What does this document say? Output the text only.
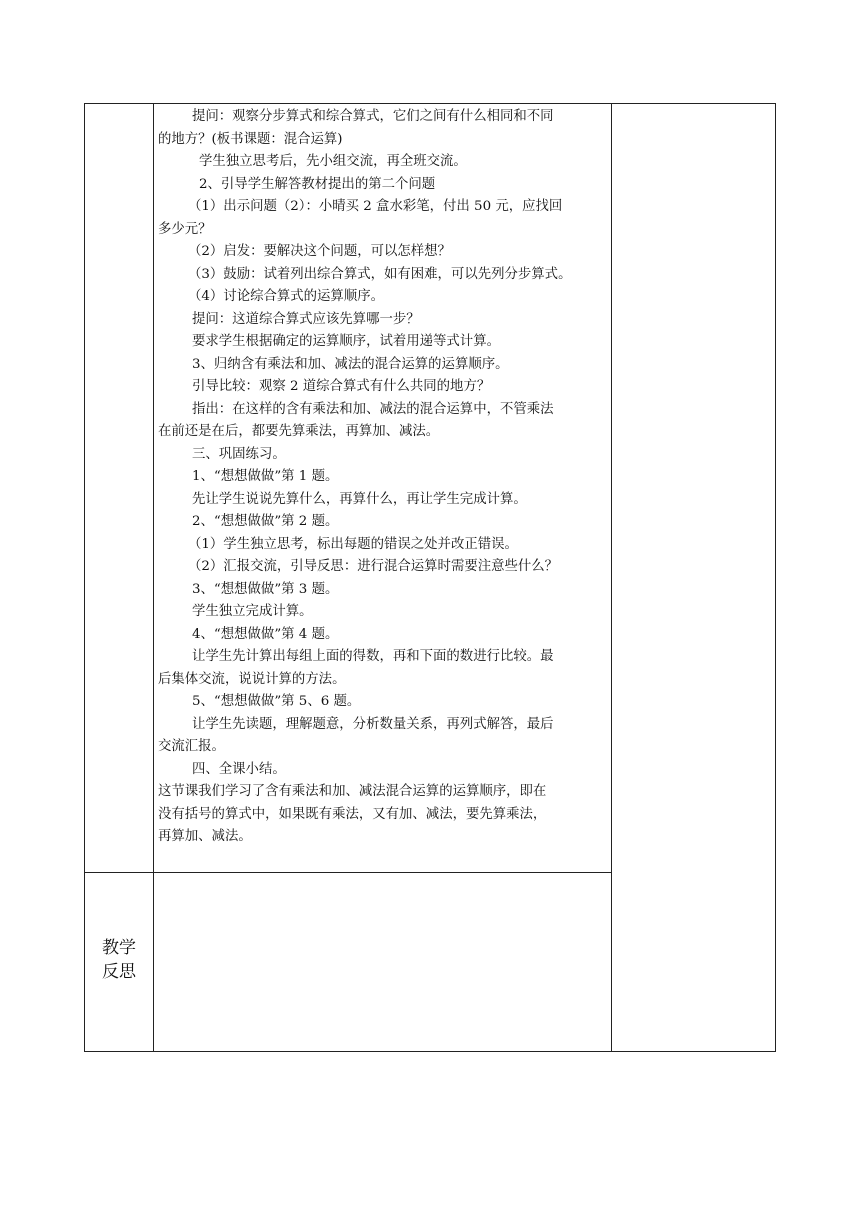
提问：观察分步算式和综合算式，它们之间有什么相同和不同

的地方？(板书课题：混合运算)

学生独立思考后，先小组交流，再全班交流。

2、引导学生解答教材提出的第二个问题

（1）出示问题（2）：小晴买 2 盒水彩笔，付出 50 元，应找回

多少元？

（2）启发：要解决这个问题，可以怎样想？

（3）鼓励：试着列出综合算式，如有困难，可以先列分步算式。

（4）讨论综合算式的运算顺序。

提问：这道综合算式应该先算哪一步？

要求学生根据确定的运算顺序，试着用递等式计算。

3、归纳含有乘法和加、减法的混合运算的运算顺序。

引导比较：观察 2 道综合算式有什么共同的地方？

指出：在这样的含有乘法和加、减法的混合运算中，不管乘法

在前还是在后，都要先算乘法，再算加、减法。

三、巩固练习。

1、“想想做做”第 1 题。

先让学生说说先算什么，再算什么，再让学生完成计算。

2、“想想做做”第 2 题。

（1）学生独立思考，标出每题的错误之处并改正错误。

（2）汇报交流，引导反思：进行混合运算时需要注意些什么？

3、“想想做做”第 3 题。

学生独立完成计算。

4、“想想做做”第 4 题。

让学生先计算出每组上面的得数，再和下面的数进行比较。最

后集体交流，说说计算的方法。

5、“想想做做”第 5、6 题。

让学生先读题，理解题意，分析数量关系，再列式解答，最后

交流汇报。

四、全课小结。

这节课我们学习了含有乘法和加、减法混合运算的运算顺序，即在

没有括号的算式中，如果既有乘法，又有加、减法，要先算乘法，

再算加、减法。

教学
反思
